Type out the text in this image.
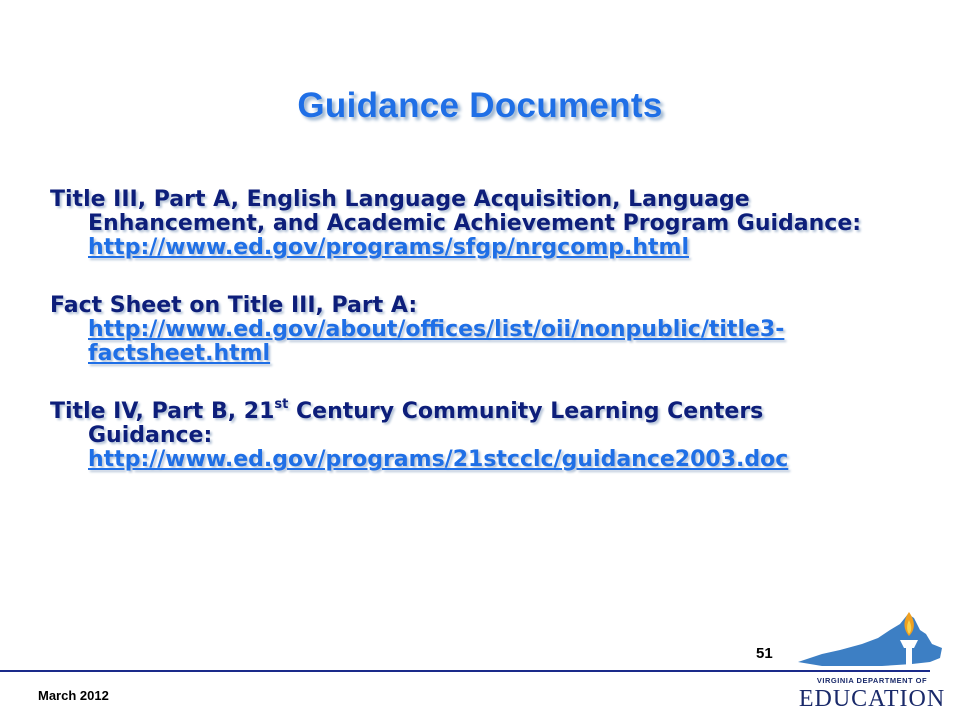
Guidance Documents
Title III, Part A, English Language Acquisition, Language
Enhancement, and Academic Achievement Program Guidance:
http://www.ed.gov/programs/sfgp/nrgcomp.html
Fact Sheet on Title III, Part A:
http://www.ed.gov/about/offices/list/oii/nonpublic/title3-
factsheet.html
Title IV, Part B, 21st Century Community Learning Centers
Guidance:
http://www.ed.gov/programs/21stcclc/guidance2003.doc
51
March 2012
VIRGINIA DEPARTMENT OF
EDUCATION
